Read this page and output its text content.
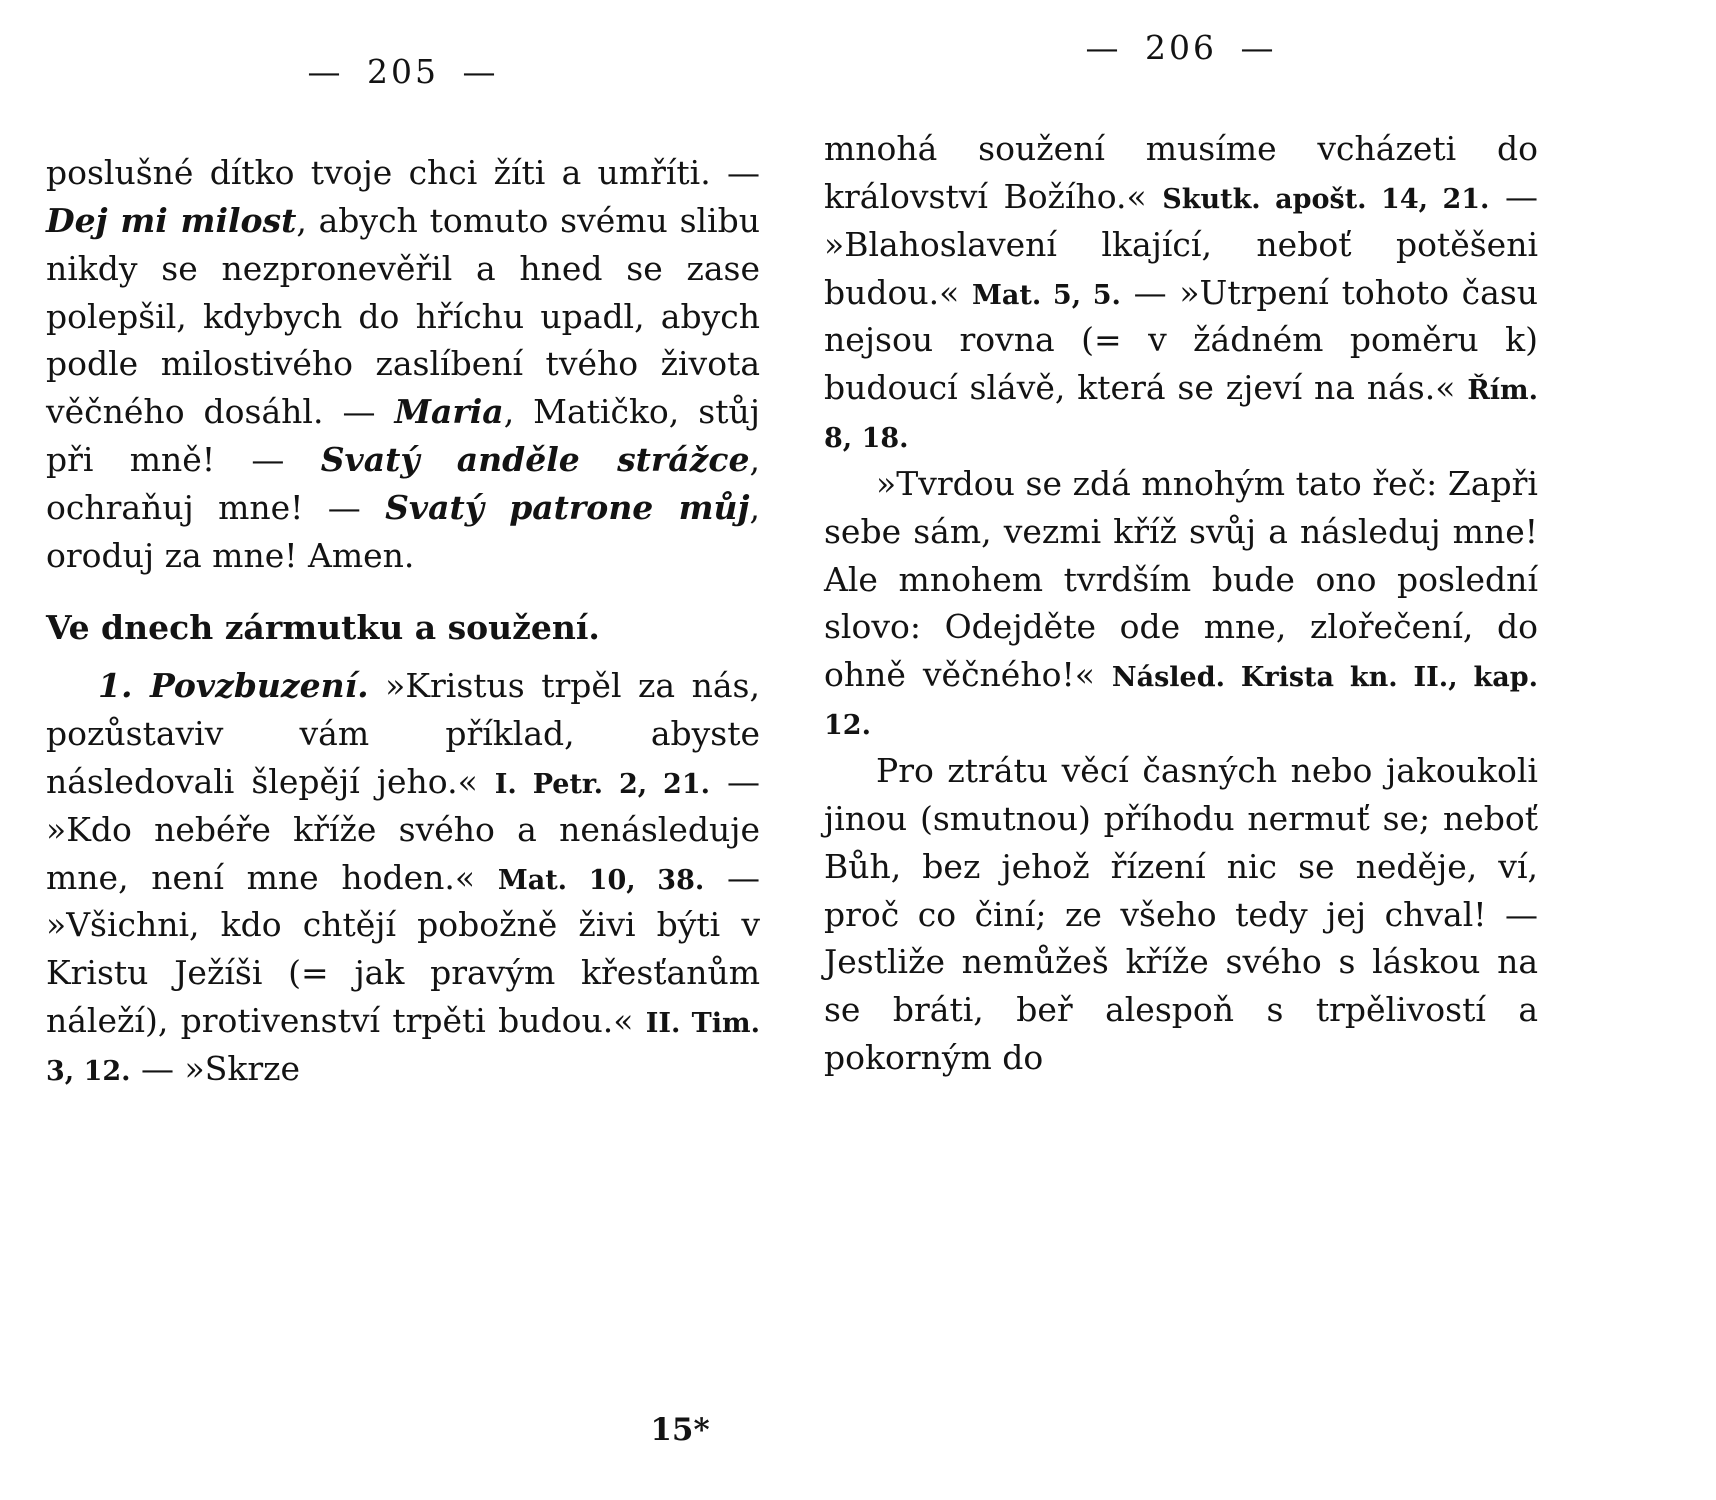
— 205 —

poslušné dítko tvoje chci žíti a umříti. — Dej mi milost, abych tomuto svému slibu nikdy se nezpronevěřil a hned se zase polepšil, kdybych do hříchu upadl, abych podle milostivého zaslíbení tvého života věčného dosáhl. — Maria, Matičko, stůj při mně! — Svatý anděle strážce, ochraňuj mne! — Svatý patrone můj, oroduj za mne! Amen.

Ve dnech zármutku a soužení.

1. Povzbuzení. »Kristus trpěl za nás, pozůstaviv vám příklad, abyste následovali šlepějí jeho.« I. Petr. 2, 21. — »Kdo nebéře kříže svého a nenásleduje mne, není mne hoden.« Mat. 10, 38. — »Všichni, kdo chtějí pobožně živi býti v Kristu Ježíši (= jak pravým křesťanům náleží), protivenství trpěti budou.« II. Tim. 3, 12. — »Skrze

— 206 —

mnohá soužení musíme vcházeti do království Božího.« Skutk. apošt. 14, 21. — »Blahoslavení lkající, neboť potěšeni budou.« Mat. 5, 5. — »Utrpení tohoto času nejsou rovna (= v žádném poměru k) budoucí slávě, která se zjeví na nás.« Řím. 8, 18.

»Tvrdou se zdá mnohým tato řeč: Zapři sebe sám, vezmi kříž svůj a následuj mne! Ale mnohem tvrdším bude ono poslední slovo: Odejděte ode mne, zlořečení, do ohně věčného!« Násled. Krista kn. II., kap. 12.

Pro ztrátu věcí časných nebo jakoukoli jinou (smutnou) příhodu nermuť se; neboť Bůh, bez jehož řízení nic se neděje, ví, proč co činí; ze všeho tedy jej chval! — Jestliže nemůžeš kříže svého s láskou na se bráti, beř alespoň s trpělivostí a pokorným do

15*
